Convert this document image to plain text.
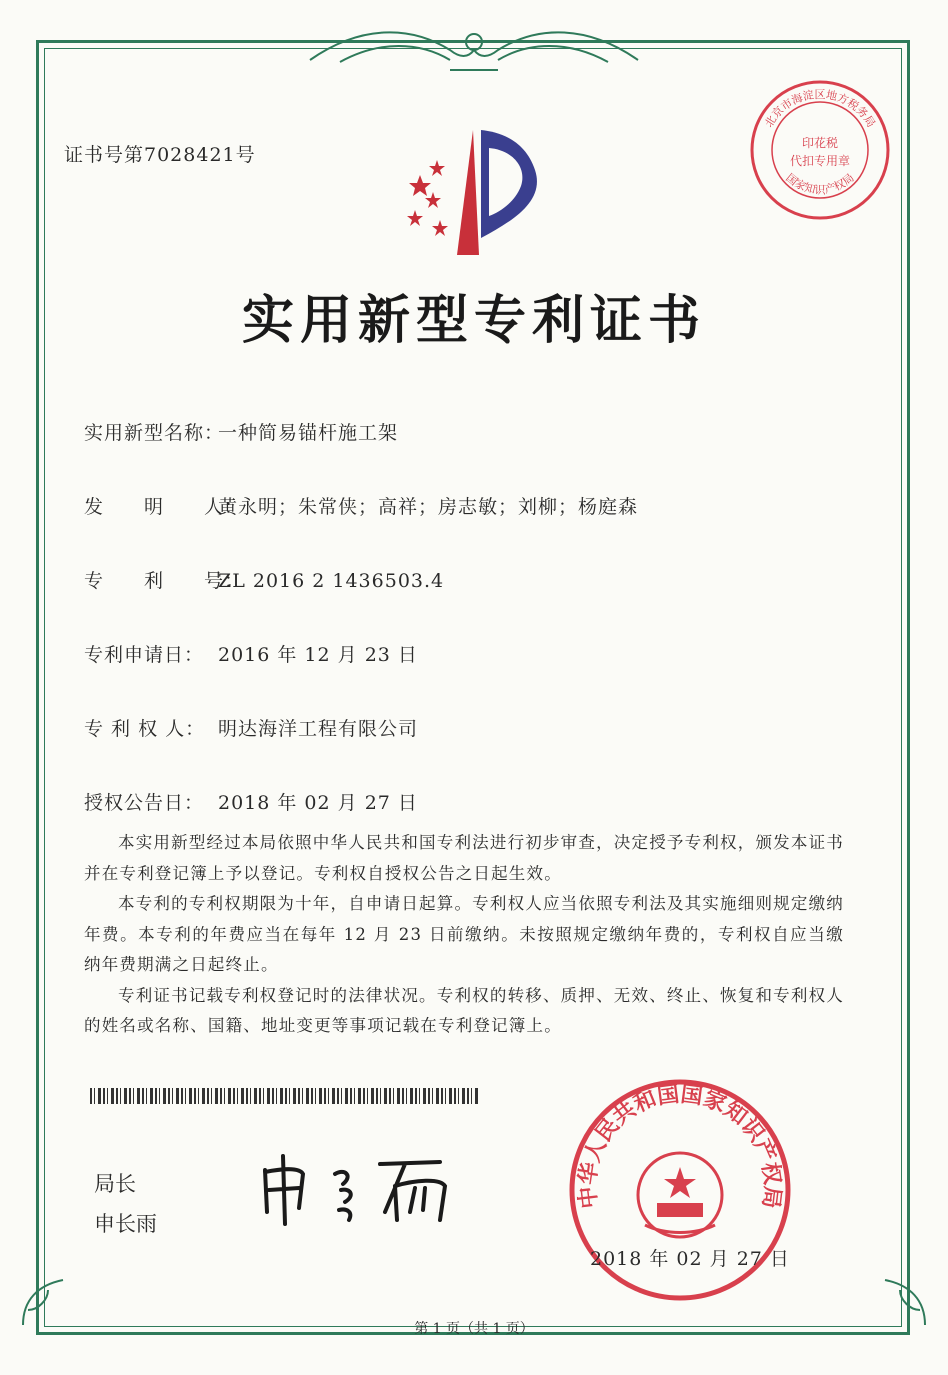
证书号第7028421号
北京市海淀区地方税务局
印花税
代扣专用章
国家知识产权局
实用新型专利证书
实用新型名称：一种简易锚杆施工架
发　　明　　人：黄永明；朱常侠；高祥；房志敏；刘柳；杨庭森
专　　利　　号：ZL 2016 2 1436503.4
专利申请日： 2016 年 12 月 23 日
专 利 权 人： 明达海洋工程有限公司
授权公告日： 2018 年 02 月 27 日

本实用新型经过本局依照中华人民共和国专利法进行初步审查，决定授予专利权，颁发本证书并在专利登记簿上予以登记。专利权自授权公告之日起生效。

本专利的专利权期限为十年，自申请日起算。专利权人应当依照专利法及其实施细则规定缴纳年费。本专利的年费应当在每年 12 月 23 日前缴纳。未按照规定缴纳年费的，专利权自应当缴纳年费期满之日起终止。

专利证书记载专利权登记时的法律状况。专利权的转移、质押、无效、终止、恢复和专利权人的姓名或名称、国籍、地址变更等事项记载在专利登记簿上。

局长
申长雨
中华人民共和国国家知识产权局
2018 年 02 月 27 日
第 1 页（共 1 页）
